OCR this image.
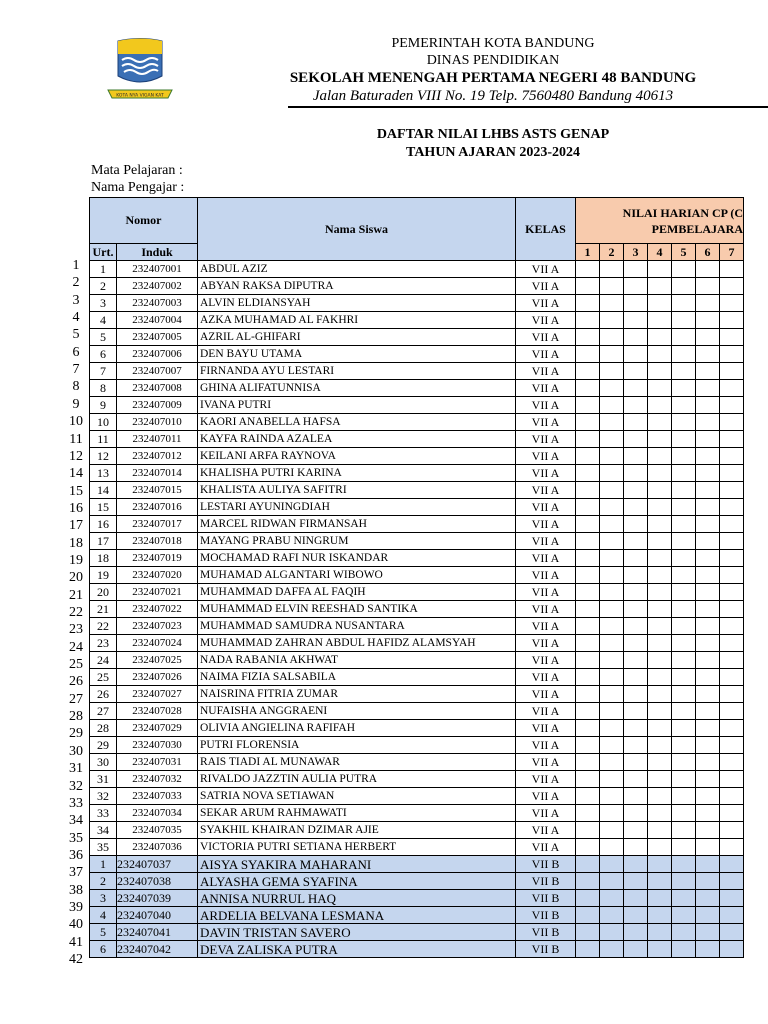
KOTA NYA VIGAN KAT
PEMERINTAH KOTA BANDUNG
DINAS PENDIDIKAN
SEKOLAH MENENGAH PERTAMA NEGERI 48 BANDUNG
Jalan Baturaden VIII No. 19 Telp. 7560480 Bandung 40613
DAFTAR NILAI LHBS ASTS GENAP
TAHUN AJARAN 2023-2024
Mata Pelajaran :
Nama Pengajar :
1
2
3
4
5
6
7
8
9
10
11
12
14
15
16
17
18
19
20
21
22
23
24
25
26
27
28
29
30
31
32
33
34
35
36
37
38
39
40
41
42
Nomor		Nama Siswa	KELAS	NILAI HARIAN CP (C
PEMBELAJARA						

Urt.	Induk			1	2	3	4	5	6	7
1	232407001	ABDUL AZIZ	VII A							
2	232407002	ABYAN RAKSA DIPUTRA	VII A							
3	232407003	ALVIN ELDIANSYAH	VII A							
4	232407004	AZKA MUHAMAD AL FAKHRI	VII A							
5	232407005	AZRIL AL-GHIFARI	VII A							
6	232407006	DEN BAYU UTAMA	VII A							
7	232407007	FIRNANDA AYU LESTARI	VII A							
8	232407008	GHINA ALIFATUNNISA	VII A							
9	232407009	IVANA PUTRI	VII A							
10	232407010	KAORI ANABELLA HAFSA	VII A							
11	232407011	KAYFA RAINDA AZALEA	VII A							
12	232407012	KEILANI ARFA RAYNOVA	VII A							
13	232407014	KHALISHA PUTRI KARINA	VII A							
14	232407015	KHALISTA AULIYA SAFITRI	VII A							
15	232407016	LESTARI AYUNINGDIAH	VII A							
16	232407017	MARCEL RIDWAN FIRMANSAH	VII A							
17	232407018	MAYANG PRABU NINGRUM	VII A							
18	232407019	MOCHAMAD RAFI NUR ISKANDAR	VII A							
19	232407020	MUHAMAD ALGANTARI WIBOWO	VII A							
20	232407021	MUHAMMAD DAFFA AL FAQIH	VII A							
21	232407022	MUHAMMAD ELVIN REESHAD SANTIKA	VII A							
22	232407023	MUHAMMAD SAMUDRA NUSANTARA	VII A							
23	232407024	MUHAMMAD ZAHRAN ABDUL HAFIDZ ALAMSYAH	VII A							
24	232407025	NADA RABANIA AKHWAT	VII A							
25	232407026	NAIMA FIZIA SALSABILA	VII A							
26	232407027	NAISRINA FITRIA ZUMAR	VII A							
27	232407028	NUFAISHA ANGGRAENI	VII A							
28	232407029	OLIVIA ANGIELINA RAFIFAH	VII A							
29	232407030	PUTRI FLORENSIA	VII A							
30	232407031	RAIS TIADI AL MUNAWAR	VII A							
31	232407032	RIVALDO JAZZTIN AULIA PUTRA	VII A							
32	232407033	SATRIA NOVA SETIAWAN	VII A							
33	232407034	SEKAR ARUM RAHMAWATI	VII A							
34	232407035	SYAKHIL KHAIRAN DZIMAR AJIE	VII A							
35	232407036	VICTORIA PUTRI SETIANA HERBERT	VII A							
1	232407037	AISYA SYAKIRA MAHARANI	VII B							
2	232407038	ALYASHA GEMA SYAFINA	VII B							
3	232407039	ANNISA NURRUL HAQ	VII B							
4	232407040	ARDELIA BELVANA LESMANA	VII B							
5	232407041	DAVIN TRISTAN SAVERO	VII B							
6	232407042	DEVA ZALISKA PUTRA	VII B							
